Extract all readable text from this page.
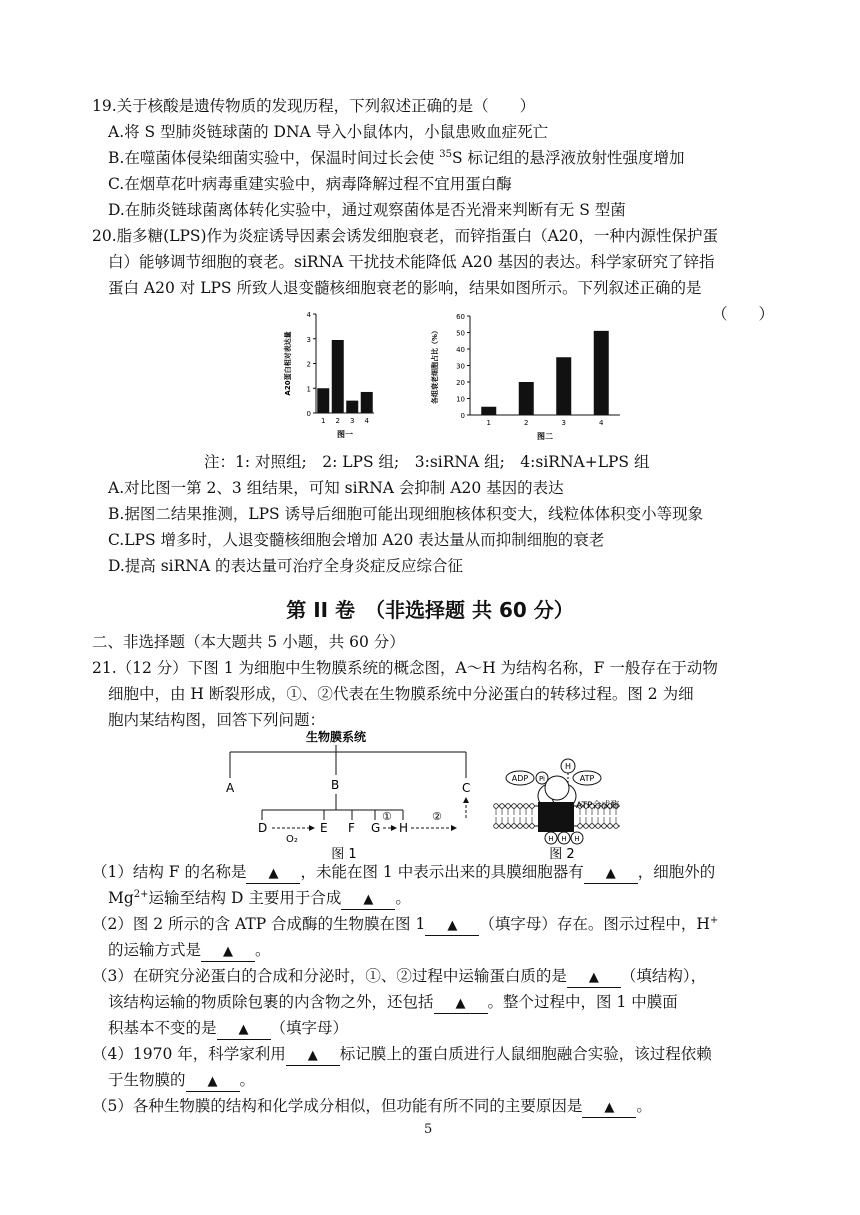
19.关于核酸是遗传物质的发现历程，下列叙述正确的是（　　）
A.将 S 型肺炎链球菌的 DNA 导入小鼠体内，小鼠患败血症死亡
B.在噬菌体侵染细菌实验中，保温时间过长会使 $^{35}$S 标记组的悬浮液放射性强度增加
C.在烟草花叶病毒重建实验中，病毒降解过程不宜用蛋白酶
D.在肺炎链球菌离体转化实验中，通过观察菌体是否光滑来判断有无 S 型菌
20.脂多糖(LPS)作为炎症诱导因素会诱发细胞衰老，而锌指蛋白（A20，一种内源性保护蛋
白）能够调节细胞的衰老。siRNA 干扰技术能降低 A20 基因的表达。科学家研究了锌指
蛋白 A20 对 LPS 所致人退变髓核细胞衰老的影响，结果如图所示。下列叙述正确的是
（　　）
0
1
2
3
4
1 2 3 4
A20蛋白相对表达量
图一
0
10
20
30
40
50
60
1	2	3	4
各组衰老细胞占比（%）
图二
注：1: 对照组;　2: LPS 组;　3:siRNA 组;　4:siRNA+LPS 组
A.对比图一第 2、3 组结果，可知 siRNA 会抑制 A20 基因的表达
B.据图二结果推测，LPS 诱导后细胞可能出现细胞核体积变大，线粒体体积变小等现象
C.LPS 增多时，人退变髓核细胞会增加 A20 表达量从而抑制细胞的衰老
D.提高 siRNA 的表达量可治疗全身炎症反应综合征
第 II 卷　（非选择题 共 60 分）
二、非选择题（本大题共 5 小题，共 60 分）
21.（12 分）下图 1 为细胞中生物膜系统的概念图，A～H 为结构名称，F 一般存在于动物
细胞中，由 H 断裂形成，①、②代表在生物膜系统中分泌蛋白的转移过程。图 2 为细
胞内某结构图，回答下列问题：
生物膜系统
A	B	C
D
O₂
E F G
①
H
②
图 1
ADP Pi	ATP
H
ATP合成酶
H H H
图 2
（1）结构 F 的名称是 ▲ ，未能在图 1 中表示出来的具膜细胞器有 ▲ ，细胞外的
$Mg^{2+}$运输至结构 D 主要用于合成 ▲ 。
（2）图 2 所示的含 ATP 合成酶的生物膜在图 1 ▲ （填字母）存在。图示过程中，H+
的运输方式是 ▲ 。
（3）在研究分泌蛋白的合成和分泌时，①、②过程中运输蛋白质的是 ▲ （填结构），
该结构运输的物质除包裹的内含物之外，还包括 ▲ 。整个过程中，图 1 中膜面
积基本不变的是 ▲ （填字母）
（4）1970 年，科学家利用 ▲ 标记膜上的蛋白质进行人鼠细胞融合实验，该过程依赖
于生物膜的 ▲ 。
（5）各种生物膜的结构和化学成分相似，但功能有所不同的主要原因是 ▲ 。
5
